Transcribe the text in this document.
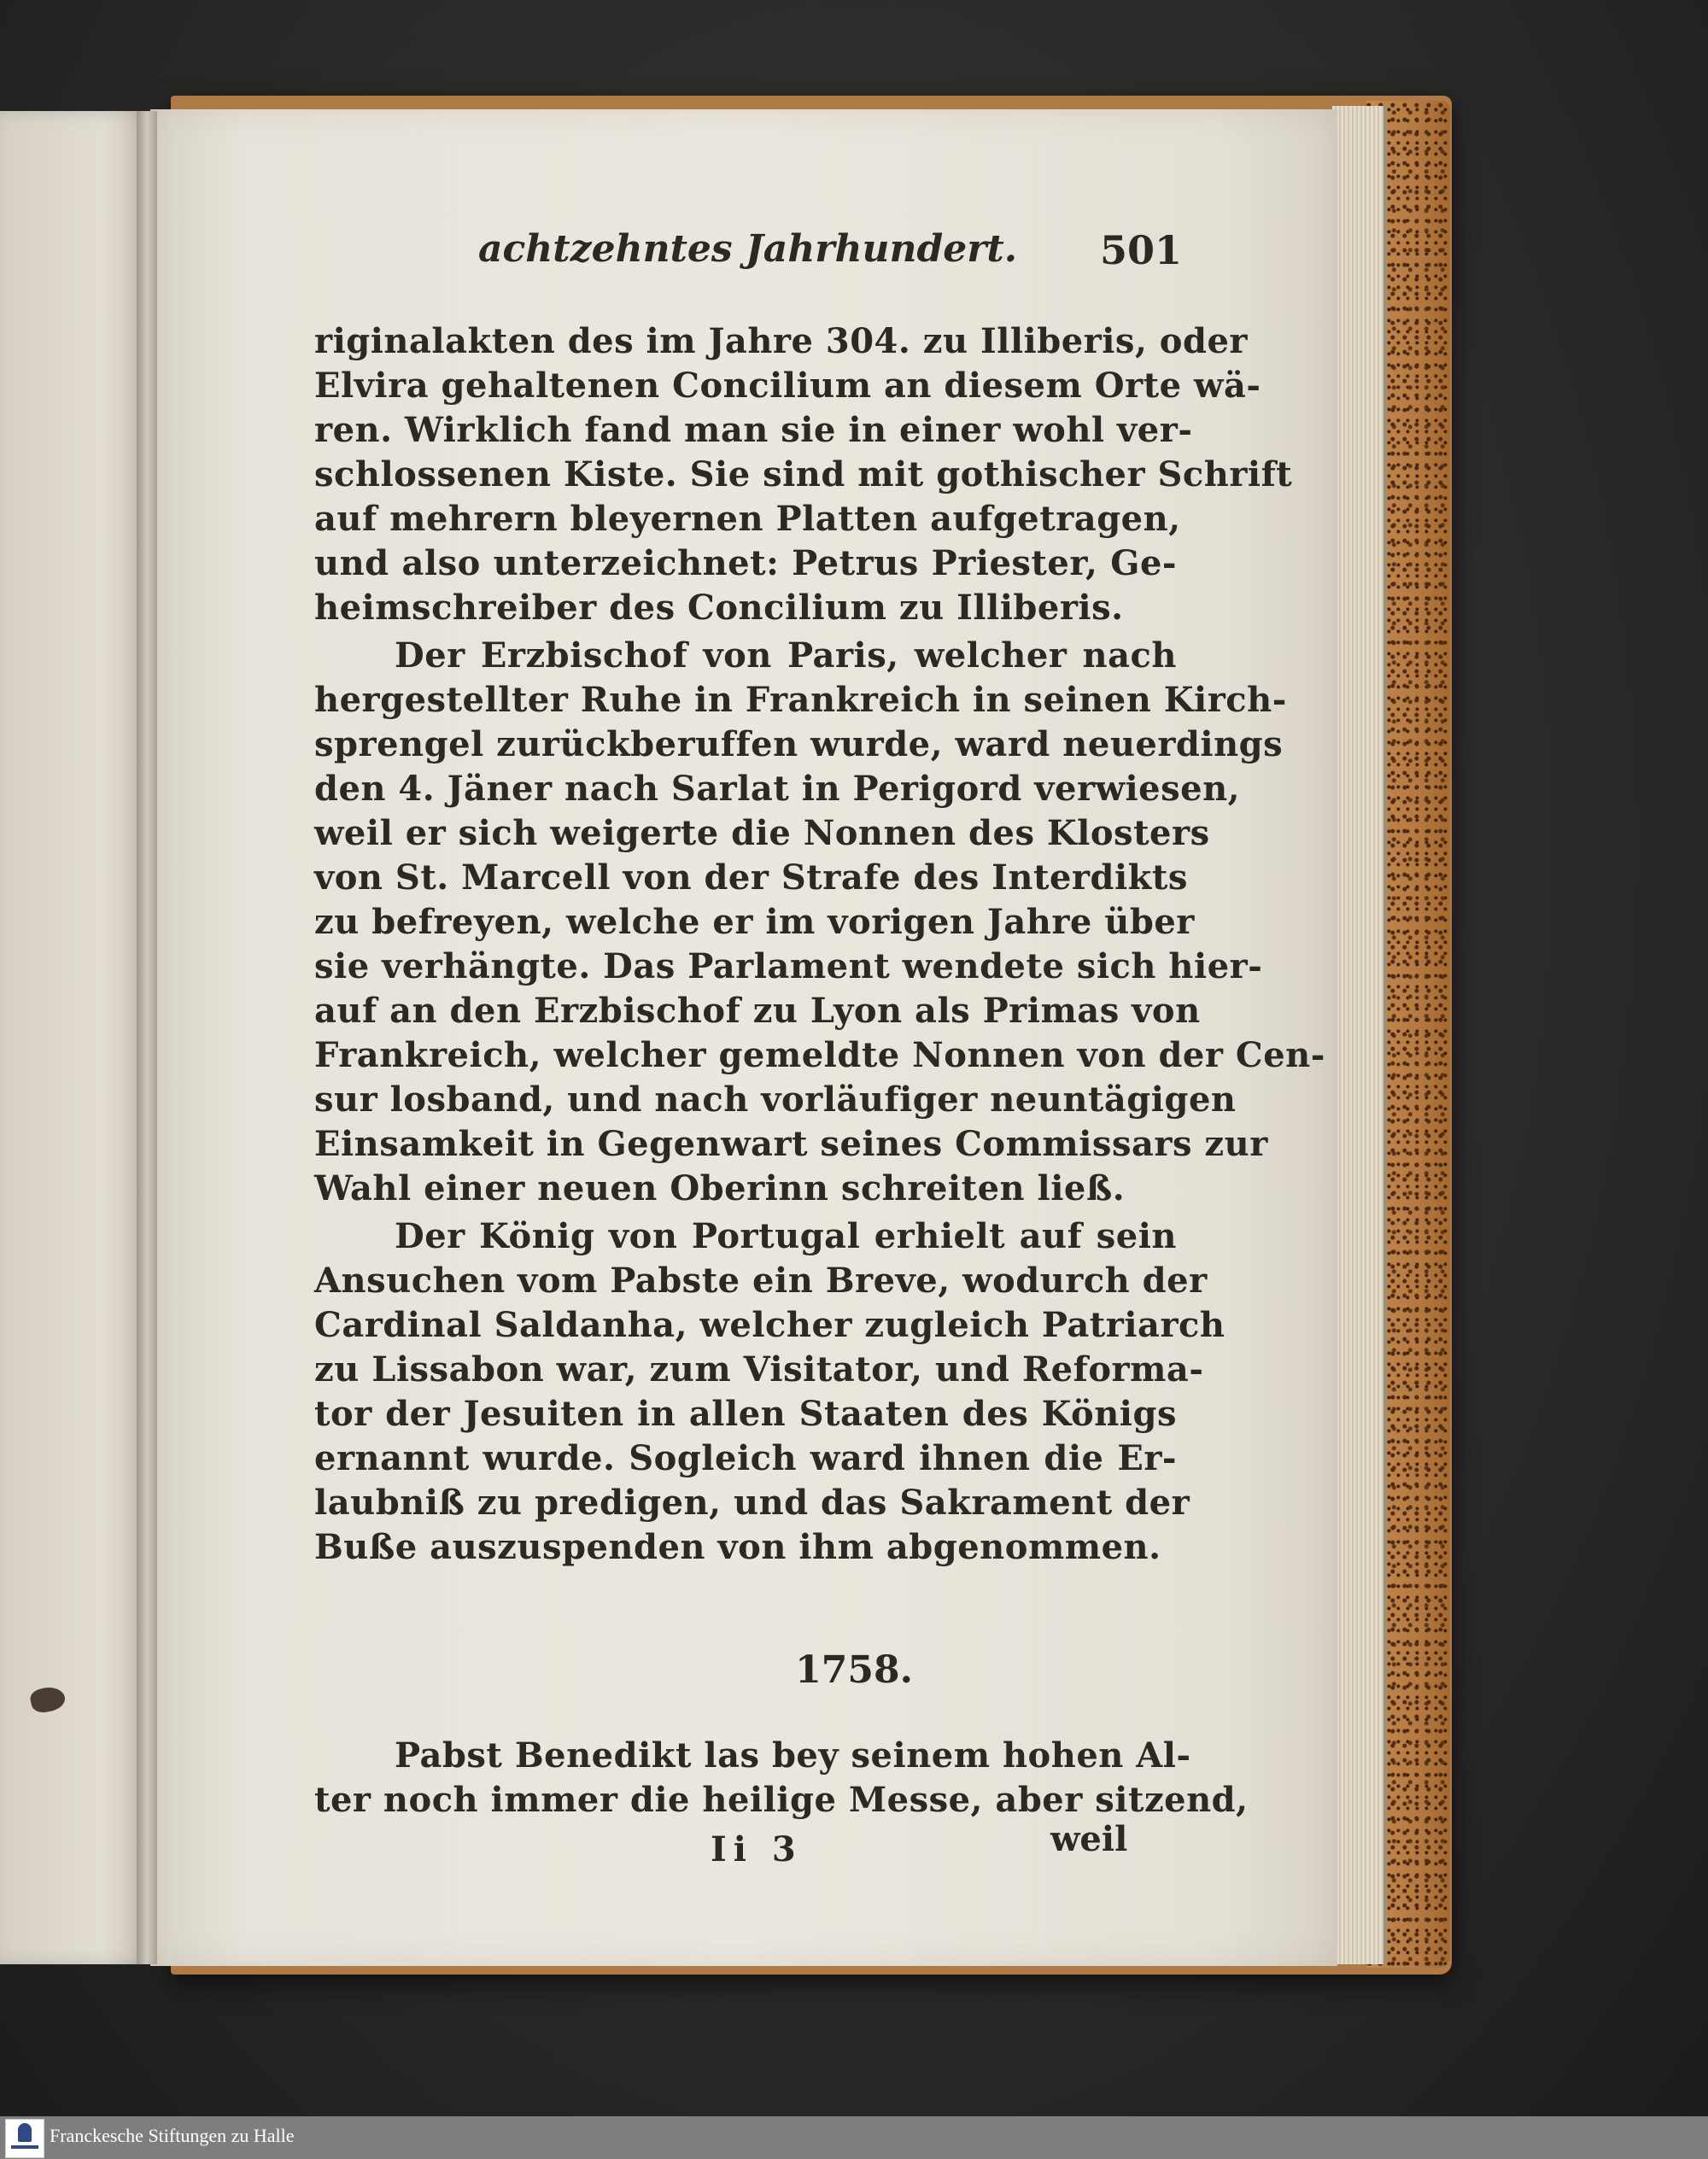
achtzehntes Jahrhundert. 501
riginalakten des im Jahre 304. zu Illiberis, oder
Elvira gehaltenen Concilium an diesem Orte wä-
ren. Wirklich fand man sie in einer wohl ver-
schlossenen Kiste. Sie sind mit gothischer Schrift
auf mehrern bleyernen Platten aufgetragen,
und also unterzeichnet: Petrus Priester, Ge-
heimschreiber des Concilium zu Illiberis.
Der Erzbischof von Paris, welcher nach
hergestellter Ruhe in Frankreich in seinen Kirch-
sprengel zurückberuffen wurde, ward neuerdings
den 4. Jäner nach Sarlat in Perigord verwiesen,
weil er sich weigerte die Nonnen des Klosters
von St. Marcell von der Strafe des Interdikts
zu befreyen, welche er im vorigen Jahre über
sie verhängte. Das Parlament wendete sich hier-
auf an den Erzbischof zu Lyon als Primas von
Frankreich, welcher gemeldte Nonnen von der Cen-
sur losband, und nach vorläufiger neuntägigen
Einsamkeit in Gegenwart seines Commissars zur
Wahl einer neuen Oberinn schreiten ließ.
Der König von Portugal erhielt auf sein
Ansuchen vom Pabste ein Breve, wodurch der
Cardinal Saldanha, welcher zugleich Patriarch
zu Lissabon war, zum Visitator, und Reforma-
tor der Jesuiten in allen Staaten des Königs
ernannt wurde. Sogleich ward ihnen die Er-
laubniß zu predigen, und das Sakrament der
Buße auszuspenden von ihm abgenommen.
1758.
Pabst Benedikt las bey seinem hohen Al-
ter noch immer die heilige Messe, aber sitzend,
Ii 3	weil
Franckesche Stiftungen zu Halle
